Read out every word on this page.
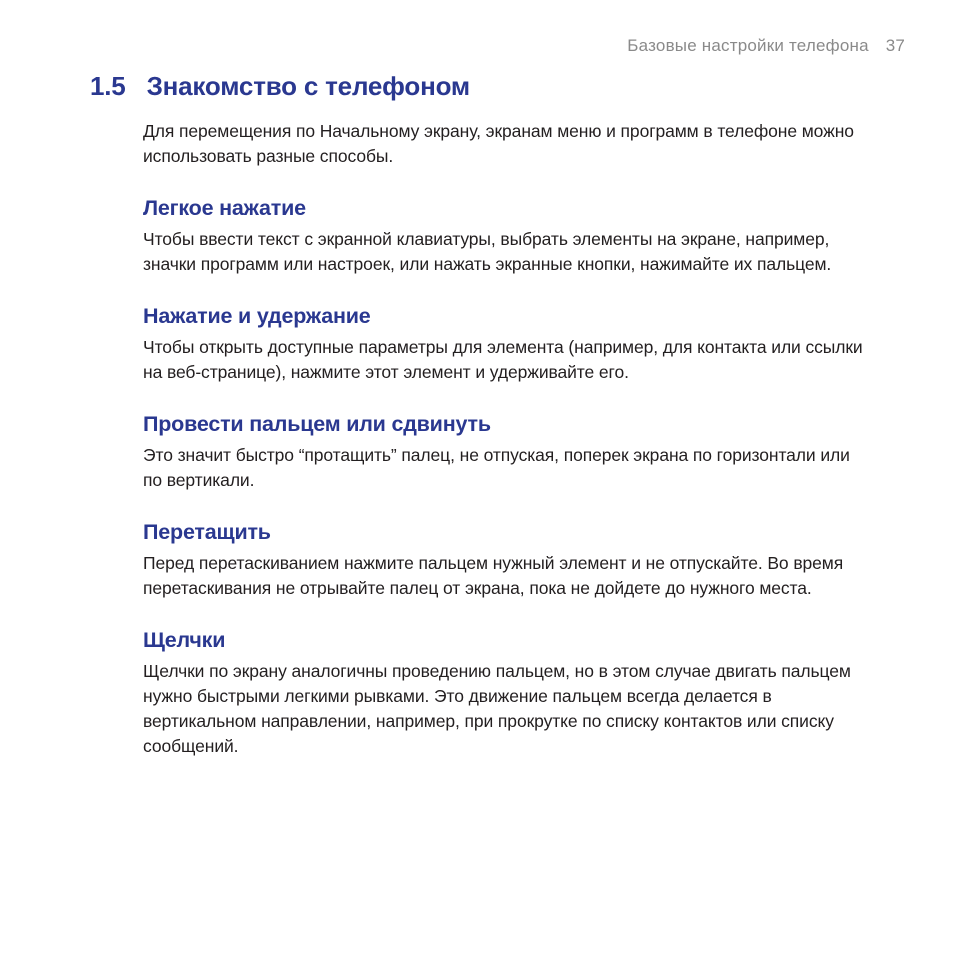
Базовые настройки телефона 37
1.5 Знакомство с телефоном

Для перемещения по Начальному экрану, экранам меню и программ в телефоне можно использовать разные способы.

Легкое нажатие

Чтобы ввести текст с экранной клавиатуры, выбрать элементы на экране, например, значки программ или настроек, или нажать экранные кнопки, нажимайте их пальцем.

Нажатие и удержание

Чтобы открыть доступные параметры для элемента (например, для контакта или ссылки на веб-странице), нажмите этот элемент и удерживайте его.

Провести пальцем или сдвинуть

Это значит быстро “протащить” палец, не отпуская, поперек экрана по горизонтали или по вертикали.

Перетащить

Перед перетаскиванием нажмите пальцем нужный элемент и не отпускайте. Во время перетаскивания не отрывайте палец от экрана, пока не дойдете до нужного места.

Щелчки

Щелчки по экрану аналогичны проведению пальцем, но в этом случае двигать пальцем нужно быстрыми легкими рывками. Это движение пальцем всегда делается в вертикальном направлении, например, при прокрутке по списку контактов или списку сообщений.
